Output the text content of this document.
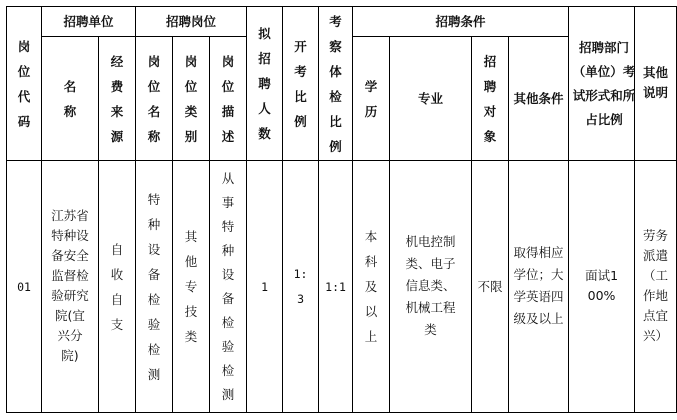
岗位代码	招聘单位		招聘岗位			拟招聘人数	开考比例	考察体检比例	招聘条件				招聘部门（单位）考试形式和所占比例	其他说明
	名称	经费来源	岗位名称	岗位类别	岗位描述				学历	专业	招聘对象	其他条件		
01	江苏省特种设备安全监督检验研究院(宜兴分院)	自收自支	特种设备检验检测	其他专技类	从事特种设备检验检测	1	1:3	1:1	本科及以上	机电控制类、电子信息类、机械工程类	不限	取得相应学位；大学英语四级及以上	面试100%	劳务派遣（工作地点宜兴）
